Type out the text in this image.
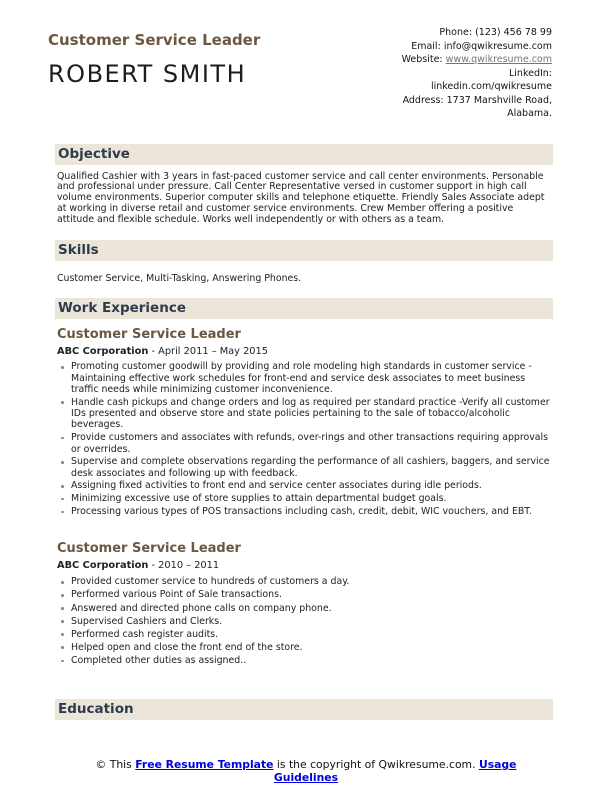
Customer Service Leader
ROBERT SMITH
Phone: (123) 456 78 99
Email: info@qwikresume.com
Website: www.qwikresume.com
LinkedIn:
linkedin.com/qwikresume
Address: 1737 Marshville Road,
Alabama.
Objective
Qualified Cashier with 3 years in fast-paced customer service and call center environments. Personable and professional under pressure. Call Center Representative versed in customer support in high call volume environments. Superior computer skills and telephone etiquette. Friendly Sales Associate adept at working in diverse retail and customer service environments. Crew Member offering a positive attitude and flexible schedule. Works well independently or with others as a team.
Skills
Customer Service, Multi-Tasking, Answering Phones.
Work Experience
Customer Service Leader
ABC Corporation - April 2011 – May 2015
Promoting customer goodwill by providing and role modeling high standards in customer service -Maintaining effective work schedules for front-end and service desk associates to meet business traffic needs while minimizing customer inconvenience.
Handle cash pickups and change orders and log as required per standard practice -Verify all customer IDs presented and observe store and state policies pertaining to the sale of tobacco/alcoholic beverages.
Provide customers and associates with refunds, over-rings and other transactions requiring approvals or overrides.
Supervise and complete observations regarding the performance of all cashiers, baggers, and service desk associates and following up with feedback.
Assigning fixed activities to front end and service center associates during idle periods.
Minimizing excessive use of store supplies to attain departmental budget goals.
Processing various types of POS transactions including cash, credit, debit, WIC vouchers, and EBT.
Customer Service Leader
ABC Corporation - 2010 – 2011
Provided customer service to hundreds of customers a day.
Performed various Point of Sale transactions.
Answered and directed phone calls on company phone.
Supervised Cashiers and Clerks.
Performed cash register audits.
Helped open and close the front end of the store.
Completed other duties as assigned..
Education
© This Free Resume Template is the copyright of Qwikresume.com. Usage Guidelines
